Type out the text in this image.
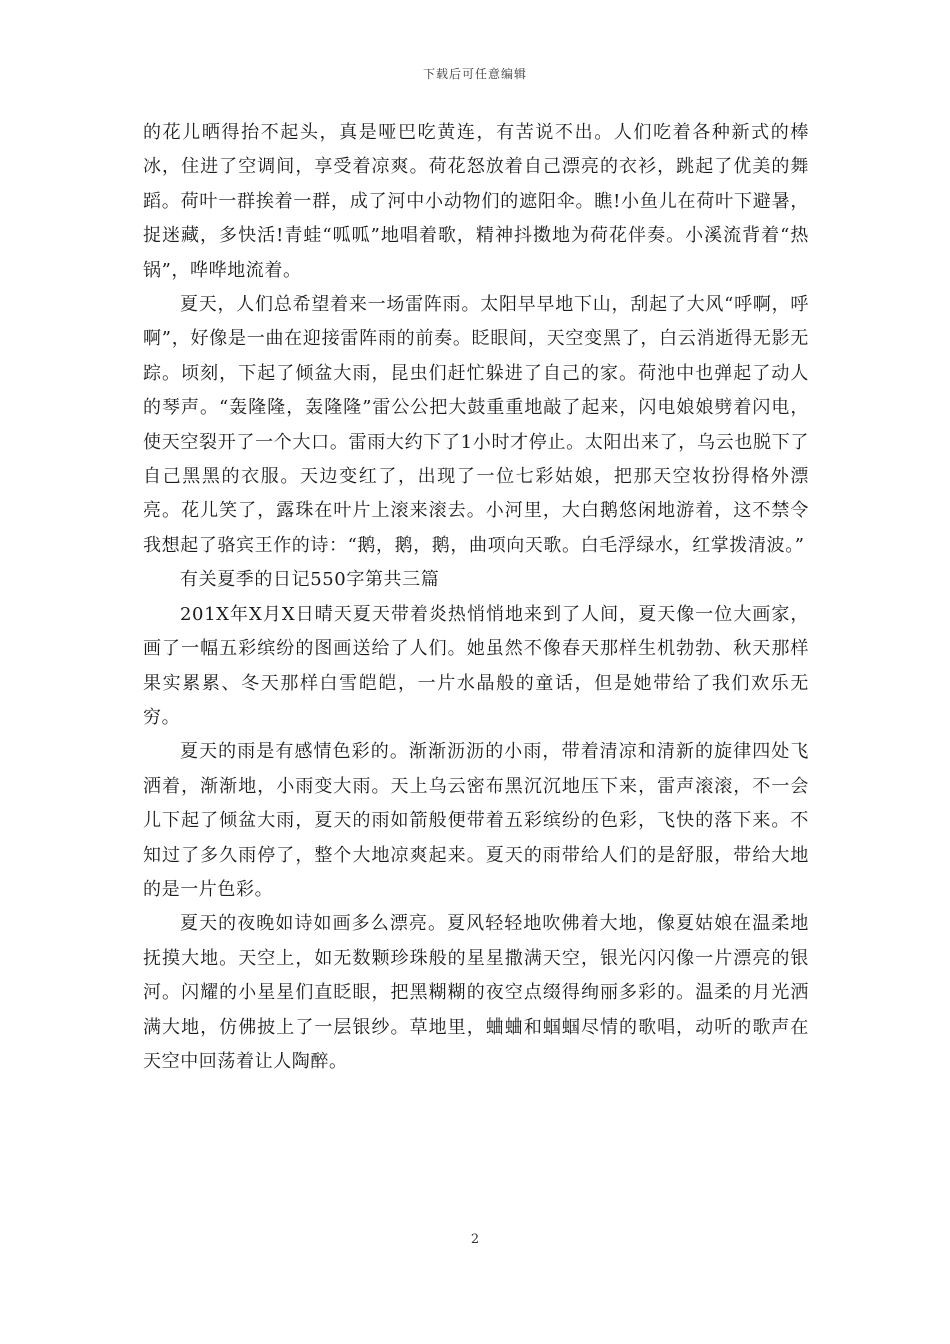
下载后可任意编辑

的花儿晒得抬不起头，真是哑巴吃黄连，有苦说不出。人们吃着各种新式的棒冰，住进了空调间，享受着凉爽。荷花怒放着自己漂亮的衣衫，跳起了优美的舞蹈。荷叶一群挨着一群，成了河中小动物们的遮阳伞。瞧!小鱼儿在荷叶下避暑，捉迷藏，多快活!青蛙“呱呱”地唱着歌，精神抖擞地为荷花伴奏。小溪流背着“热锅”，哗哗地流着。

夏天，人们总希望着来一场雷阵雨。太阳早早地下山，刮起了大风“呼啊，呼啊”，好像是一曲在迎接雷阵雨的前奏。眨眼间，天空变黑了，白云消逝得无影无踪。顷刻，下起了倾盆大雨，昆虫们赶忙躲进了自己的家。荷池中也弹起了动人的琴声。“轰隆隆，轰隆隆”雷公公把大鼓重重地敲了起来，闪电娘娘劈着闪电，使天空裂开了一个大口。雷雨大约下了1小时才停止。太阳出来了，乌云也脱下了自己黑黑的衣服。天边变红了，出现了一位七彩姑娘，把那天空妆扮得格外漂亮。花儿笑了，露珠在叶片上滚来滚去。小河里，大白鹅悠闲地游着，这不禁令我想起了骆宾王作的诗：“鹅，鹅，鹅，曲项向天歌。白毛浮绿水，红掌拨清波。”

有关夏季的日记550字第共三篇

201X年X月X日晴天夏天带着炎热悄悄地来到了人间，夏天像一位大画家，画了一幅五彩缤纷的图画送给了人们。她虽然不像春天那样生机勃勃、秋天那样果实累累、冬天那样白雪皑皑，一片水晶般的童话，但是她带给了我们欢乐无穷。

夏天的雨是有感情色彩的。渐渐沥沥的小雨，带着清凉和清新的旋律四处飞洒着，渐渐地，小雨变大雨。天上乌云密布黑沉沉地压下来，雷声滚滚，不一会儿下起了倾盆大雨，夏天的雨如箭般便带着五彩缤纷的色彩，飞快的落下来。不知过了多久雨停了，整个大地凉爽起来。夏天的雨带给人们的是舒服，带给大地的是一片色彩。

夏天的夜晚如诗如画多么漂亮。夏风轻轻地吹佛着大地，像夏姑娘在温柔地抚摸大地。天空上，如无数颗珍珠般的星星撒满天空，银光闪闪像一片漂亮的银河。闪耀的小星星们直眨眼，把黑糊糊的夜空点缀得绚丽多彩的。温柔的月光洒满大地，仿佛披上了一层银纱。草地里，蛐蛐和蝈蝈尽情的歌唱，动听的歌声在天空中回荡着让人陶醉。

2
